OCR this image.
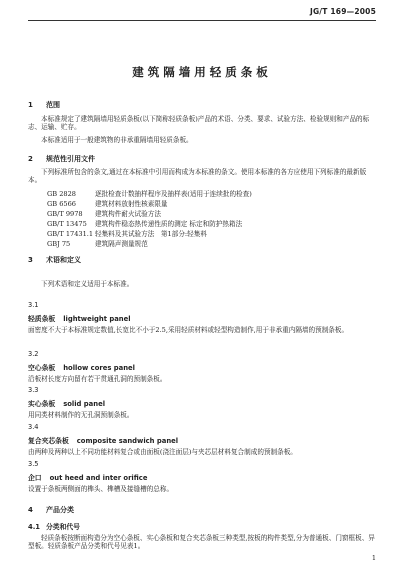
JG/T 169—2005
建筑隔墙用轻质条板
1 范围
本标准规定了建筑隔墙用轻质条板(以下简称轻质条板)产品的术语、分类、要求、试验方法、检验规则和产品的标志、运输、贮存。
本标准适用于一般建筑物的非承重隔墙用轻质条板。
2 规范性引用文件
下列标准所包含的条文,通过在本标准中引用而构成为本标准的条文。使用本标准的各方应使用下列标准的最新版本。
GB 2828	逐批检查计数抽样程序及抽样表(适用于连续批的检查)
GB 6566	建筑材料放射性核素限量
GB/T 9978 建筑构件耐火试验方法
GB/T 13475 建筑构件稳态热传递性质的测定 标定和防护热箱法
GB/T 17431.1 轻集料及其试验方法　第1部分:轻集料
GBJ 75	建筑隔声测量规范
3 术语和定义
下列术语和定义适用于本标准。
3.1
轻质条板 lightweight panel
面密度不大于本标准规定数值,长宽比不小于2.5,采用轻质材料或轻型构造制作,用于非承重内隔墙的预制条板。
3.2
空心条板 hollow cores panel
沿板材长度方向留有若干贯通孔洞的预制条板。
3.3
实心条板 solid panel
用同类材料制作的无孔洞预制条板。
3.4
复合夹芯条板 composite sandwich panel
由两种及两种以上不同功能材料复合或由面板(浇注面层)与夹芯层材料复合制成的预制条板。
3.5
企口 out heed and inter orifice
设置于条板两侧面的榫头、榫槽及接缝槽的总称。
4 产品分类
4.1 分类和代号
轻质条板按断面构造分为空心条板、实心条板和复合夹芯条板三种类型,按板的构件类型,分为普通板、门窗框板、异型板。轻质条板产品分类和代号见表1。
1
